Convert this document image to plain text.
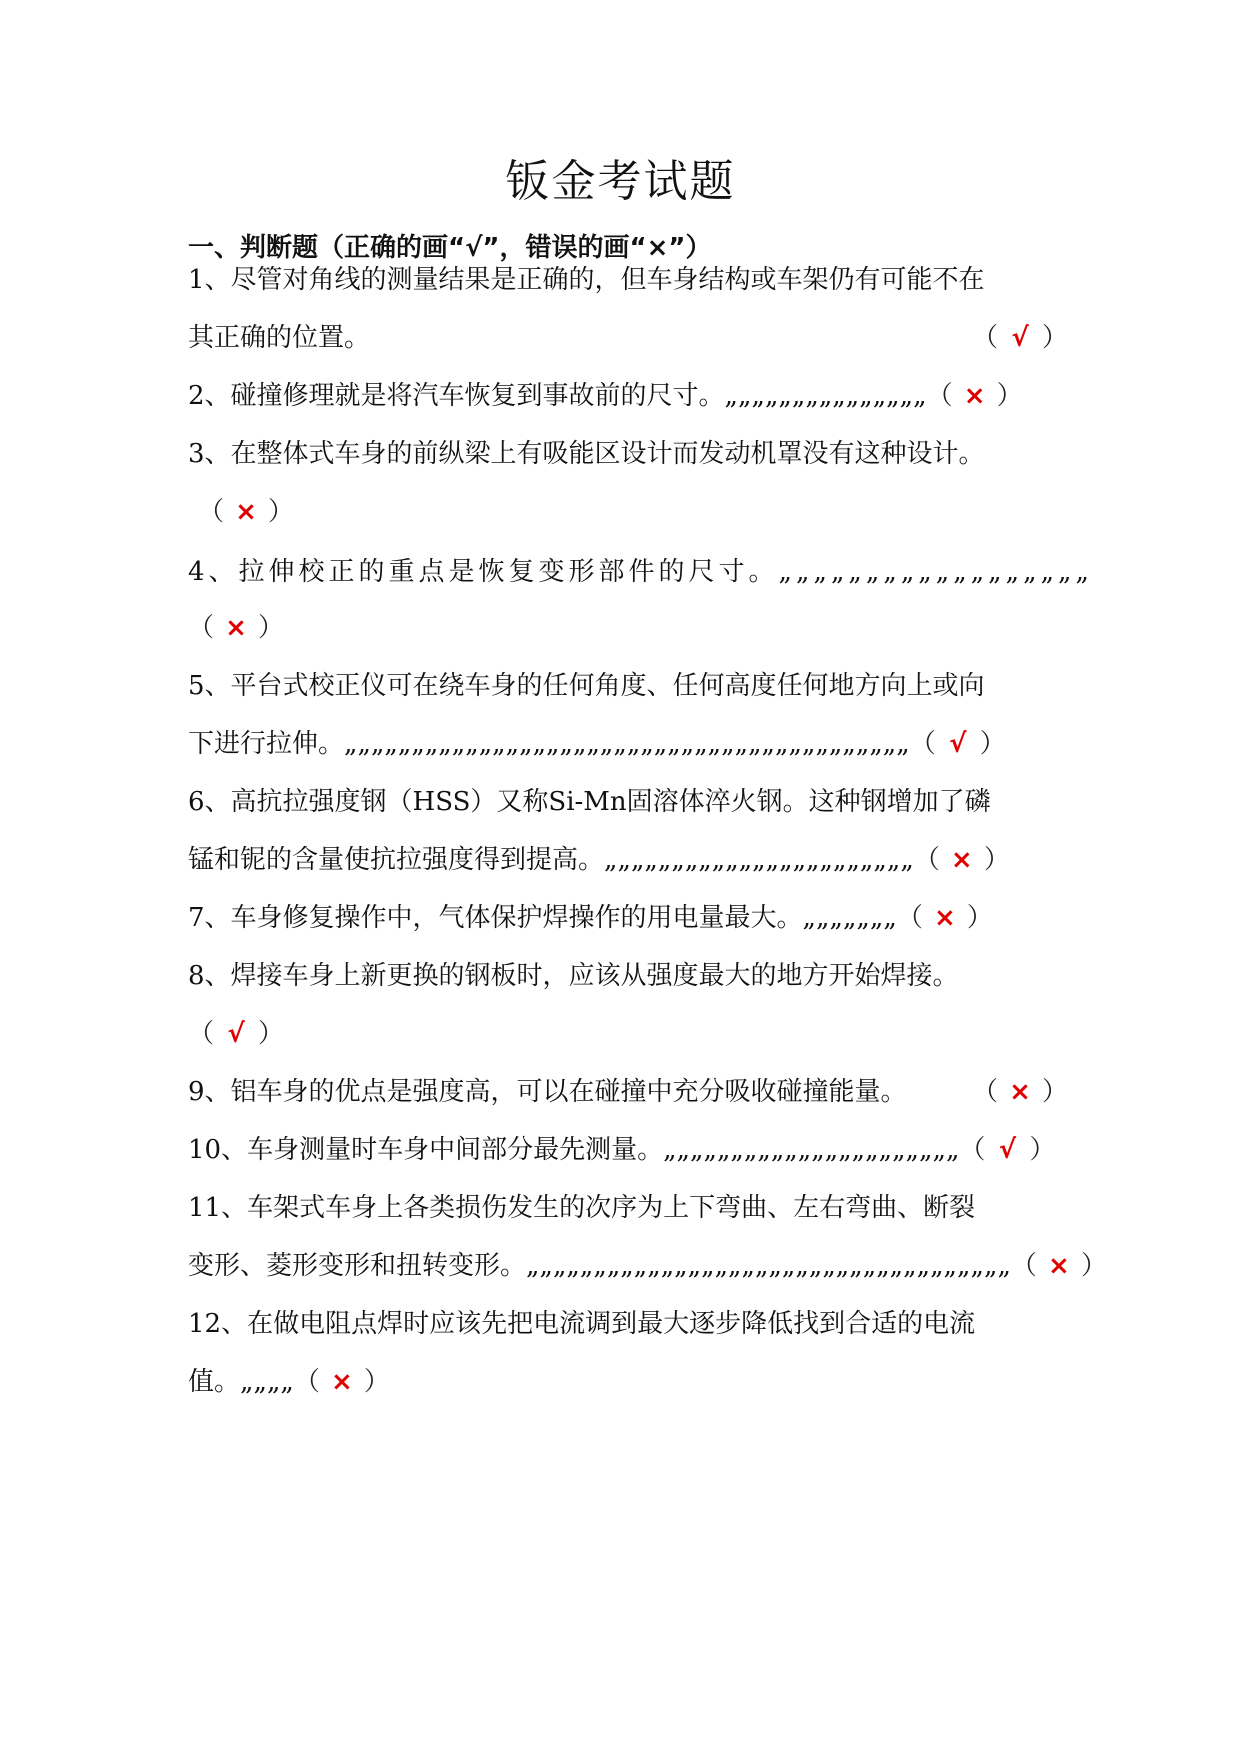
钣金考试题
一、判断题（正确的画“√”，错误的画“×”）
1、尽管对角线的测量结果是正确的，但车身结构或车架仍有可能不在
其正确的位置。	（ √ ）
2、碰撞修理就是将汽车恢复到事故前的尺寸。„„„„„„„„„„„„„„„（ × ）
3、在整体式车身的前纵梁上有吸能区设计而发动机罩没有这种设计。
（ × ）
4、拉伸校正的重点是恢复变形部件的尺寸。„„„„„„„„„„„„„„„„„„
（ × ）
5、平台式校正仪可在绕车身的任何角度、任何高度任何地方向上或向
下进行拉伸。„„„„„„„„„„„„„„„„„„„„„„„„„„„„„„„„„„„„„„„„„„（ √ ）
6、高抗拉强度钢（HSS）又称Si-Mn固溶体淬火钢。这种钢增加了磷
锰和铌的含量使抗拉强度得到提高。„„„„„„„„„„„„„„„„„„„„„„„（ × ）
7、车身修复操作中，气体保护焊操作的用电量最大。„„„„„„„（ × ）
8、焊接车身上新更换的钢板时，应该从强度最大的地方开始焊接。
（ √ ）
9、铝车身的优点是强度高，可以在碰撞中充分吸收碰撞能量。	（ × ）
10、车身测量时车身中间部分最先测量。„„„„„„„„„„„„„„„„„„„„„„（ √ ）
11、车架式车身上各类损伤发生的次序为上下弯曲、左右弯曲、断裂
变形、菱形变形和扭转变形。„„„„„„„„„„„„„„„„„„„„„„„„„„„„„„„„„„„„（ × ）
12、在做电阻点焊时应该先把电流调到最大逐步降低找到合适的电流
值。„„„„（ × ）
